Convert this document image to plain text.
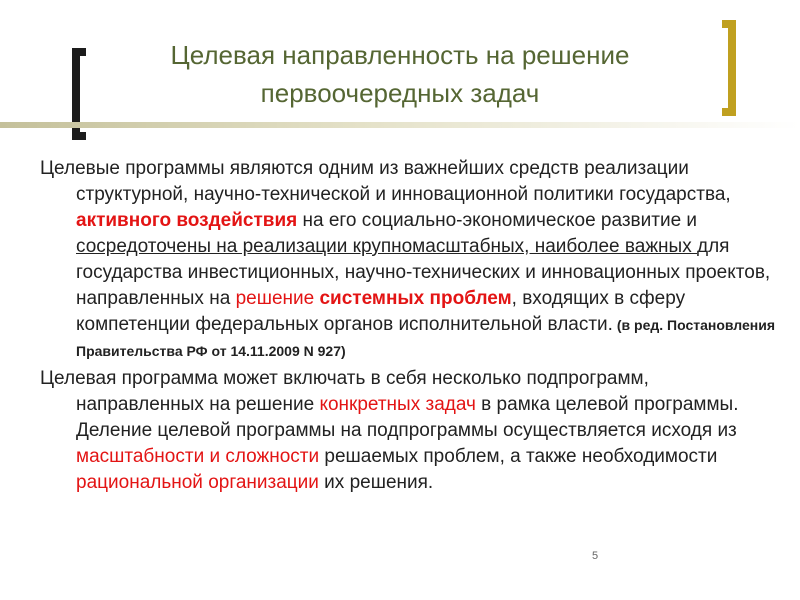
Целевая направленность на решение
первоочередных задач

Целевые программы являются одним из важнейших средств реализации структурной, научно-технической и инновационной политики государства, активного воздействия на его социально-экономическое развитие и сосредоточены на реализации крупномасштабных, наиболее важных для государства инвестиционных, научно-технических и инновационных проектов, направленных на решение системных проблем, входящих в сферу компетенции федеральных органов исполнительной власти. (в ред. Постановления Правительства РФ от 14.11.2009 N 927)

Целевая программа может включать в себя несколько подпрограмм, направленных на решение конкретных задач в рамка целевой программы. Деление целевой программы на подпрограммы осуществляется исходя из масштабности и сложности решаемых проблем, а также необходимости рациональной организации их решения.

5
